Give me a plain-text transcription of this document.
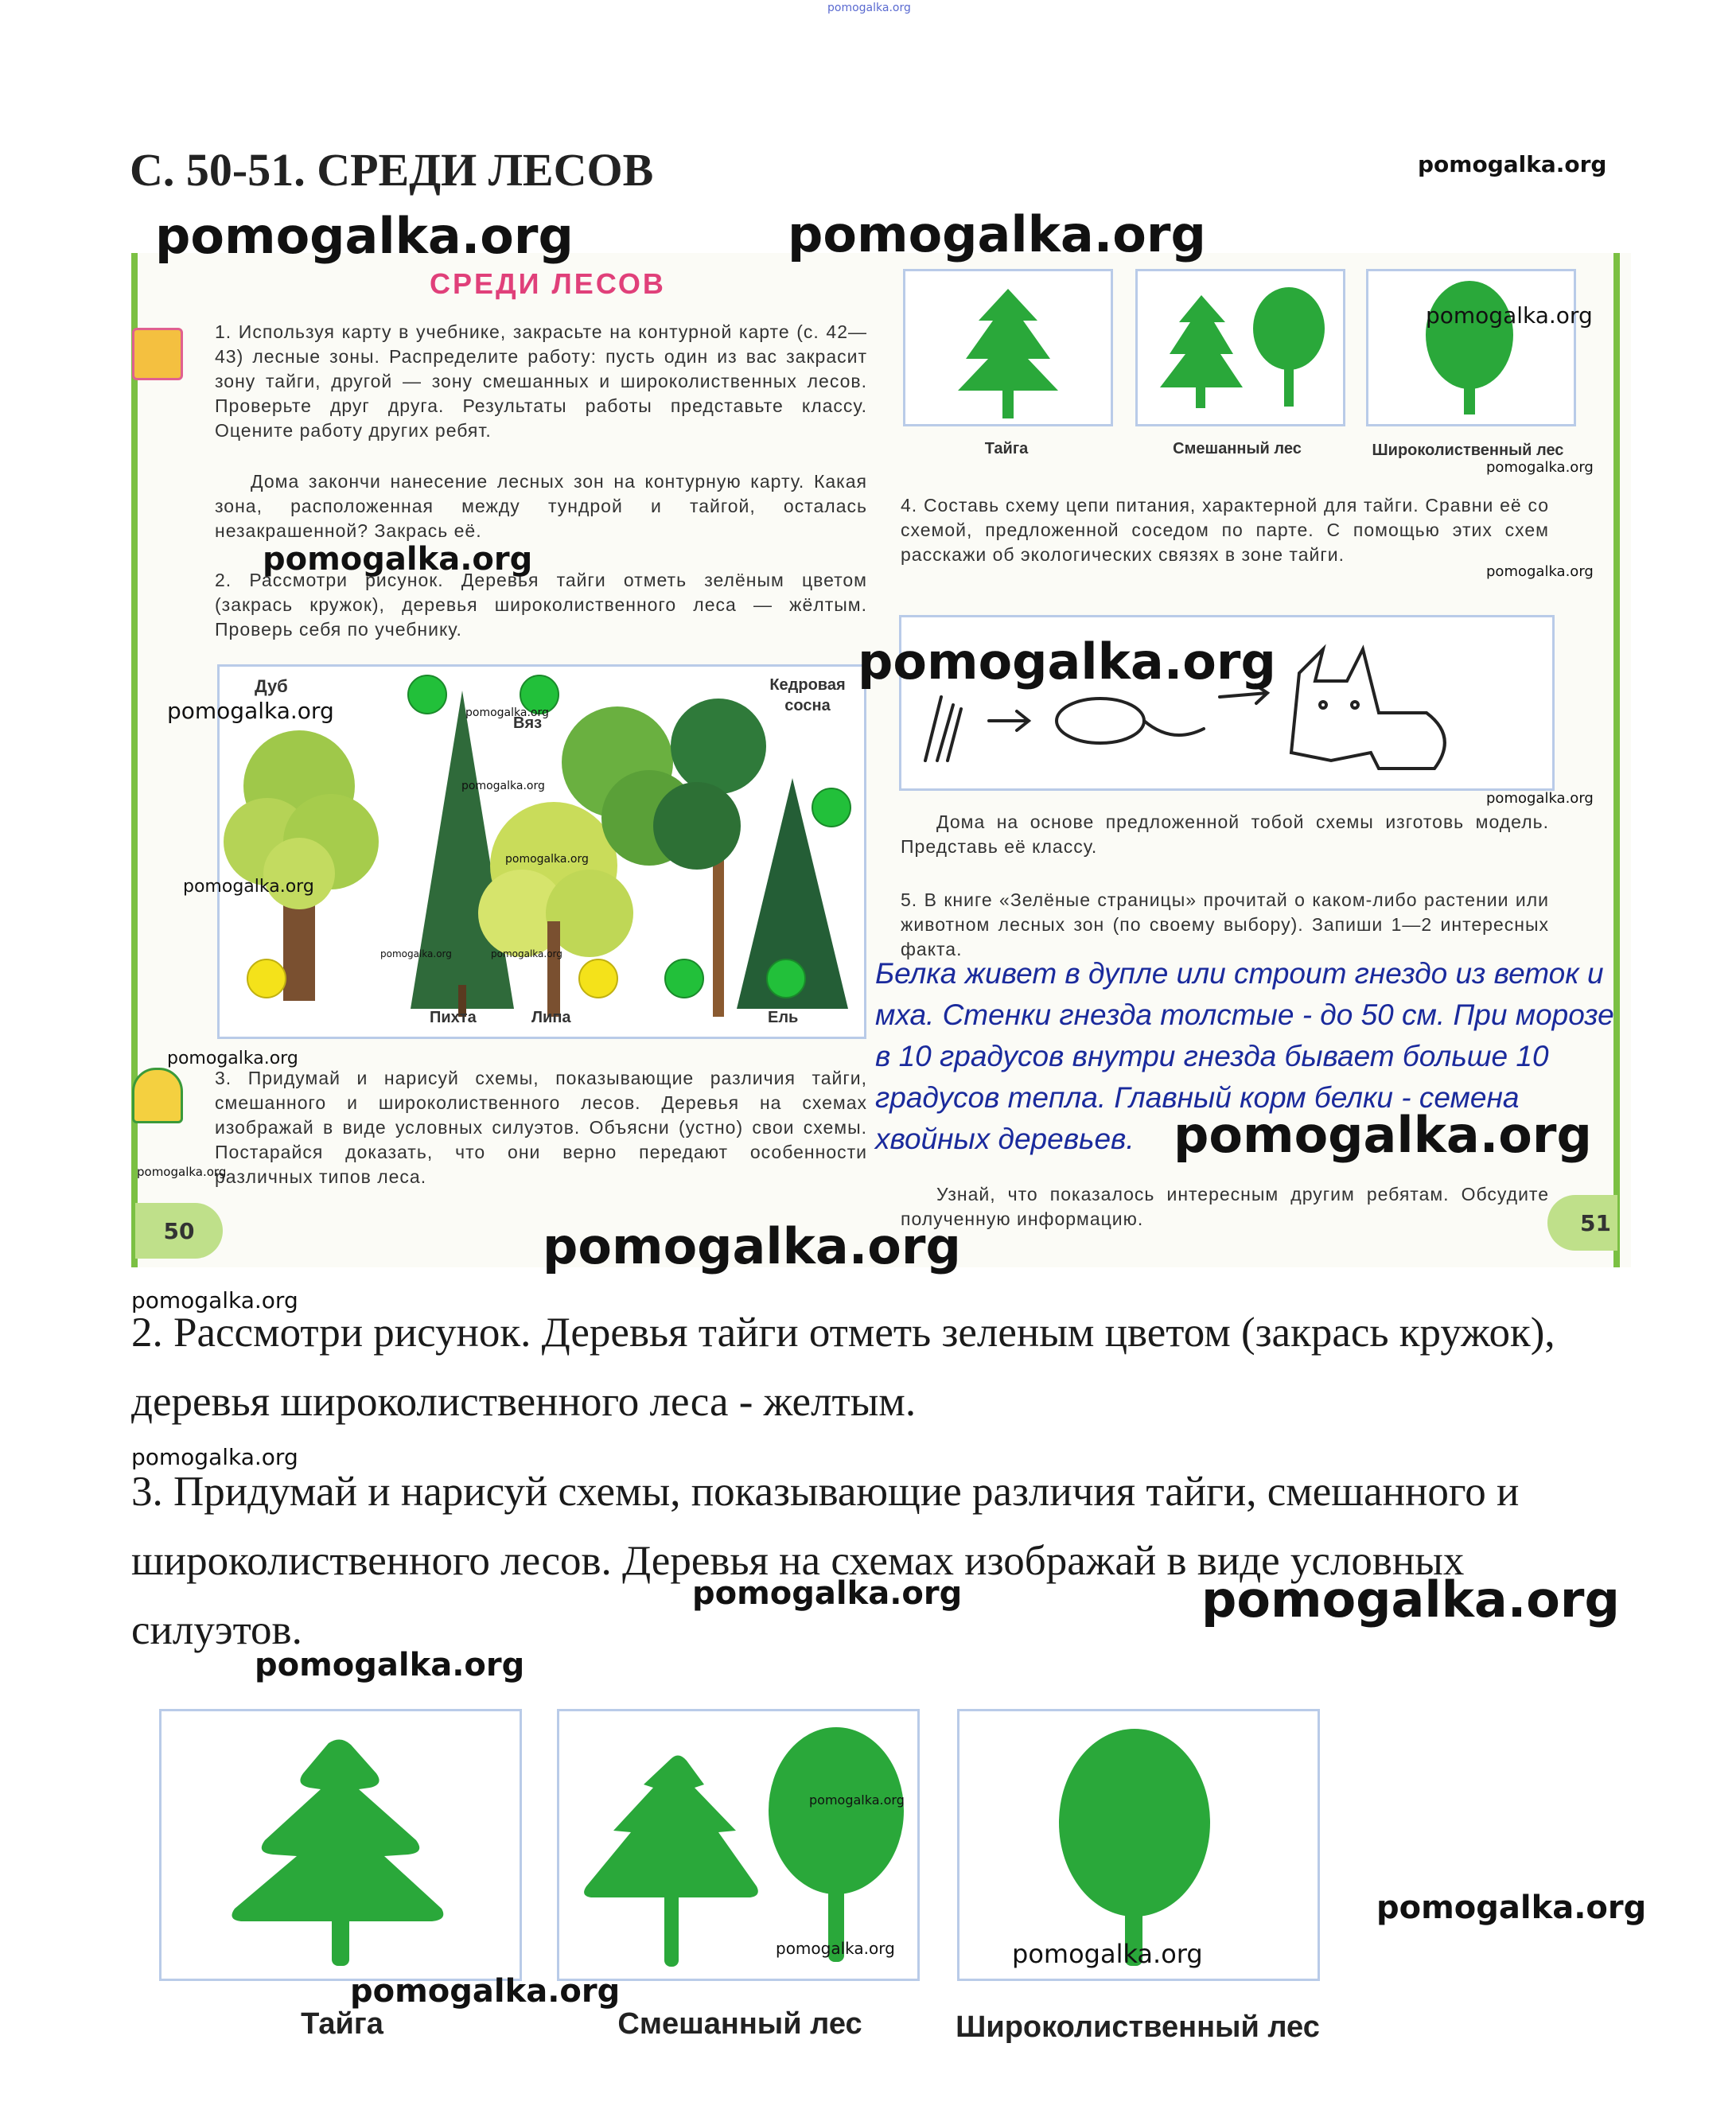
pomogalka.org
С. 50-51. СРЕДИ ЛЕСОВ	pomogalka.org
pomogalka.org	pomogalka.org
СРЕДИ ЛЕСОВ
1. Используя карту в учебнике, закрасьте на контурной карте (с. 42—43) лесные зоны. Распределите работу: пусть один из вас закрасит зону тайги, другой — зону смешанных и широколиственных лесов. Проверьте друг друга. Результаты работы представьте классу. Оцените работу других ребят.
Дома закончи нанесение лесных зон на контурную карту. Какая зона, расположенная между тундрой и тайгой, осталась незакрашенной? Закрась её.
pomogalka.org
2. Рассмотри рисунок. Деревья тайги отметь зелёным цветом (закрась кружок), деревья широколиственного леса — жёлтым. Проверь себя по учебнику.
Дуб
Вяз
Кедровая сосна
Пихта	Липа	Ель
pomogalka.org	pomogalka.org
pomogalka.org
pomogalka.org
pomogalka.org
pomogalka.org	pomogalka.org
pomogalka.org
3. Придумай и нарисуй схемы, показывающие различия тайги, смешанного и широколиственного лесов. Деревья на схемах изображай в виде условных силуэтов. Объясни (устно) свои схемы. Постарайся доказать, что они верно передают особенности различных типов леса.
pomogalka.org
50	51
pomogalka.org
Тайга	Смешанный лес	Широколиственный лес
pomogalka.org
4. Составь схему цепи питания, характерной для тайги. Сравни её со схемой, предложенной соседом по парте. С помощью этих схем расскажи об экологических связях в зоне тайги.
pomogalka.org
pomogalka.org
pomogalka.org
Дома на основе предложенной тобой схемы изготовь модель. Представь её классу.
5. В книге «Зелёные страницы» прочитай о каком-либо растении или животном лесных зон (по своему выбору). Запиши 1—2 интересных факта.
Белка живет в дупле или строит гнездо из веток и мха. Стенки гнезда толстые - до 50 см. При морозе в 10 градусов внутри гнезда бывает больше 10 градусов тепла. Главный корм белки - семена хвойных деревьев. pomogalka.org
Узнай, что показалось интересным другим ребятам. Обсудите полученную информацию.
pomogalka.org
pomogalka.org
2. Рассмотри рисунок. Деревья тайги отметь зеленым цветом (закрась кружок), деревья широколиственного леса - желтым.
pomogalka.org
3. Придумай и нарисуй схемы, показывающие различия тайги, смешанного и широколиственного лесов. Деревья на схемах изображай в виде условных силуэтов.
pomogalka.org	pomogalka.org
pomogalka.org
pomogalka.org
pomogalka.org	pomogalka.org
pomogalka.org
pomogalka.org
Тайга	Смешанный лес	Широколиственный лес
